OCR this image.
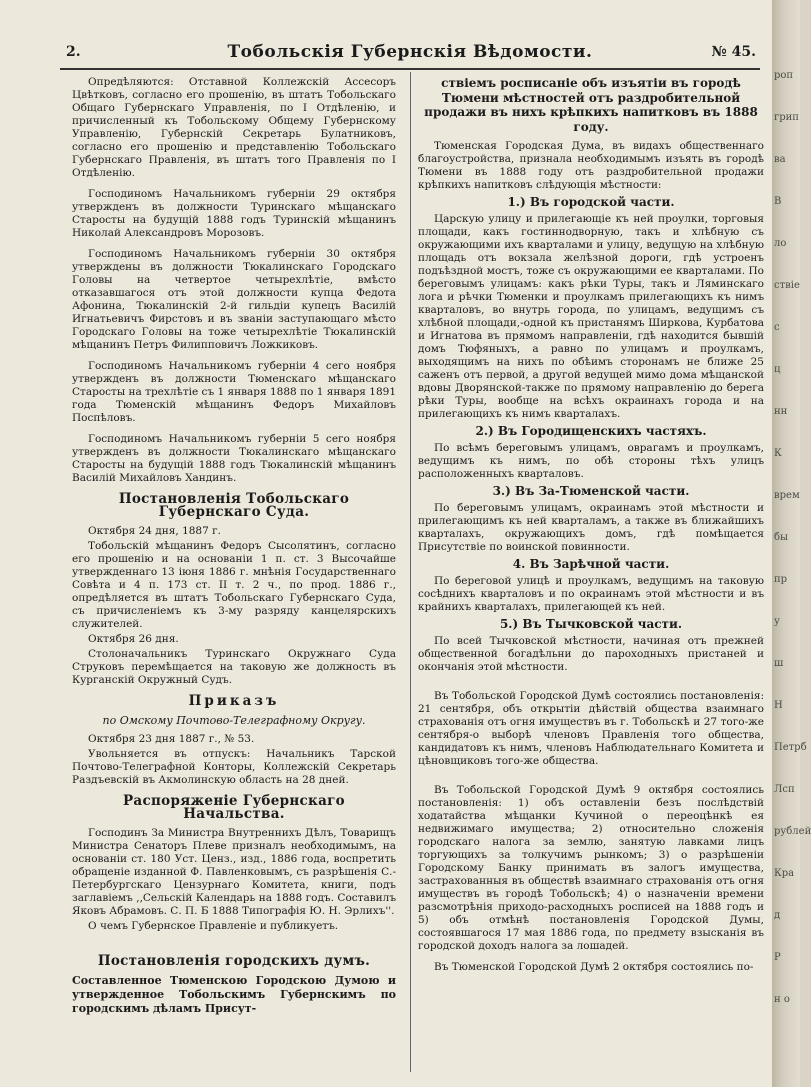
2.	Тобольскія Губернскія Вѣдомости.	№ 45.

Опредѣляются: Отставной Коллежскій Ассесоръ Цвѣтковъ, согласно его прошенію, въ штатъ Тобольскаго Общаго Губернскаго Управленія, по I Отдѣленію, и причисленный къ Тобольскому Общему Губернскому Управленію, Губернскій Секретарь Булатниковъ, согласно его прошенію и представленію Тобольскаго Губернскаго Правленія, въ штатъ того Правленія по I Отдѣленію.

Господиномъ Начальникомъ губерніи 29 октября утвержденъ въ должности Туринскаго мѣщанскаго Старосты на будущій 1888 годъ Туринскій мѣщанинъ Николай Александровъ Морозовъ.

Господиномъ Начальникомъ губерніи 30 октября утверждены въ должности Тюкалинскаго Городскаго Головы на четвертое четырехлѣтіе, вмѣсто отказавшагося отъ этой должности купца Федота Афонина, Тюкалинскій 2-й гильдіи купецъ Василій Игнатьевичъ Фирстовъ и въ званіи заступающаго мѣсто Городскаго Головы на тоже четырехлѣтіе Тюкалинскій мѣщанинъ Петръ Филипповичъ Ложкиковъ.

Господиномъ Начальникомъ губерніи 4 сего ноября утвержденъ въ должности Тюменскаго мѣщанскаго Старосты на трехлѣтіе съ 1 января 1888 по 1 января 1891 года Тюменскій мѣщанинъ Федоръ Михайловъ Поспѣловъ.

Господиномъ Начальникомъ губерніи 5 сего ноября утвержденъ въ должности Тюкалинскаго мѣщанскаго Старосты на будущій 1888 годъ Тюкалинскій мѣщанинъ Василій Михайловъ Хандинъ.

Постановленія Тобольскаго Губернскаго Суда.

Октября 24 дня, 1887 г.

Тобольскій мѣщанинъ Федоръ Сысолятинъ, согласно его прошенію и на основаніи 1 п. ст. 3 Высочайше утвержденнаго 13 іюня 1886 г. мнѣнія Государственнаго Совѣта и 4 п. 173 ст. II т. 2 ч., по прод. 1886 г., опредѣляется въ штатъ Тобольскаго Губернскаго Суда, съ причисленіемъ къ 3-му разряду канцелярскихъ служителей.

Октября 26 дня.

Столоначальникъ Туринскаго Окружнаго Суда Струковъ перемѣщается на таковую же должность въ Курганскій Окружный Судъ.

Приказъ
по Омскому Почтово-Телеграфному Округу.

Октября 23 дня 1887 г., № 53.

Увольняется въ отпускъ: Начальникъ Тарской Почтово-Телеграфной Конторы, Коллежскій Секретарь Раздъевскій въ Акмолинскую область на 28 дней.

Распоряженіе Губернскаго Начальства.

Господинъ За Министра Внутреннихъ Дѣлъ, Товарищъ Министра Сенаторъ Плеве призналъ необходимымъ, на основаніи ст. 180 Уст. Ценз., изд., 1886 года, воспретить обращеніе изданной Ф. Павленковымъ, съ разрѣшенія С.-Петербургскаго Цензурнаго Комитета, книги, подъ заглавіемъ ,,Сельскій Календарь на 1888 годъ. Составилъ Яковъ Абрамовъ. С. П. Б 1888 Типографія Ю. Н. Эрлихъ''.

О чемъ Губернское Правленіе и публикуетъ.

Постановленія городскихъ думъ.
Составленное Тюменскою Городскою Думою и утвержденное Тобольскимъ Губернскимъ по городскимъ дѣламъ Присут-
ствіемъ росписаніе объ изъятіи въ городѣ Тюмени мѣстностей отъ раздробительной продажи въ нихъ крѣпкихъ напитковъ въ 1888 году.

Тюменская Городская Дума, въ видахъ общественнаго благоустройства, признала необходимымъ изъять въ городѣ Тюмени въ 1888 году отъ раздробительной продажи крѣпкихъ напитковъ слѣдующія мѣстности:

1.) Въ городской части.

Царскую улицу и прилегающіе къ ней проулки, торговыя площади, какъ гостиннодворную, такъ и хлѣбную съ окружающими ихъ кварталами и улицу, ведущую на хлѣбную площадь отъ вокзала желѣзной дороги, гдѣ устроенъ подъѣздной мостъ, тоже съ окружающими ее кварталами. По береговымъ улицамъ: какъ рѣки Туры, такъ и Ляминскаго лога и рѣчки Тюменки и проулкамъ прилегающихъ къ нимъ кварталовъ, во внутрь города, по улицамъ, ведущимъ съ хлѣбной площади,-одной къ пристанямъ Ширкова, Курбатова и Игнатова въ прямомъ направленіи, гдѣ находится бывшій домъ Тюфяныхъ, а равно по улицамъ и проулкамъ, выходящимъ на нихъ по обѣимъ сторонамъ не ближе 25 саженъ отъ первой, а другой ведущей мимо дома мѣщанской вдовы Дворянской-также по прямому направленію до берега рѣки Туры, вообще на всѣхъ окраинахъ города и на прилегающихъ къ нимъ кварталахъ.

2.) Въ Городищенскихъ частяхъ.

По всѣмъ береговымъ улицамъ, оврагамъ и проулкамъ, ведущимъ къ нимъ, по обѣ стороны тѣхъ улицъ расположенныхъ кварталовъ.

3.) Въ За-Тюменской части.

По береговымъ улицамъ, окраинамъ этой мѣстности и прилегающимъ къ ней кварталамъ, а также въ ближайшихъ кварталахъ, окружающихъ домъ, гдѣ помѣщается Присутствіе по воинской повинности.

4. Въ Зарѣчной части.

По береговой улицѣ и проулкамъ, ведущимъ на таковую сосѣднихъ кварталовъ и по окраинамъ этой мѣстности и въ крайнихъ кварталахъ, прилегающей къ ней.

5.) Въ Тычковской части.

По всей Тычковской мѣстности, начиная отъ прежней общественной богадѣльни до пароходныхъ пристаней и окончанія этой мѣстности.

Въ Тобольской Городской Думѣ состоялись постановленія: 21 сентября, объ открытіи дѣйствій общества взаимнаго страхованія отъ огня имуществъ въ г. Тобольскѣ и 27 того-же сентября-о выборѣ членовъ Правленія того общества, кандидатовъ къ нимъ, членовъ Наблюдательнаго Комитета и цѣновщиковъ того-же общества.

Въ Тобольской Городской Думѣ 9 октября состоялись постановленія: 1) объ оставленіи безъ послѣдствій ходатайства мѣщанки Кучиной о переоцѣнкѣ ея недвижимаго имущества; 2) относительно сложенія городскаго налога за землю, занятую лавками лицъ торгующихъ за толкучимъ рынкомъ; 3) о разрѣшеніи Городскому Банку принимать въ залогъ имущества, застрахованныя въ обществѣ взаимнаго страхованія отъ огня имуществъ въ городѣ Тобольскѣ; 4) о назначеніи времени разсмотрѣнія приходо-расходныхъ росписей на 1888 годъ и 5) объ отмѣнѣ постановленія Городской Думы, состоявшагося 17 мая 1886 года, по предмету взысканія въ городской доходъ налога за лошадей.

Въ Тюменской Городской Думѣ 2 октября состоялись по-

роп
грип
ва
В
ло
ствіе
с
ц
нн
К
врем
бы
пр
у
ш
Н
Петрб
Лсп
рублей
Кра
д
Р
н о
